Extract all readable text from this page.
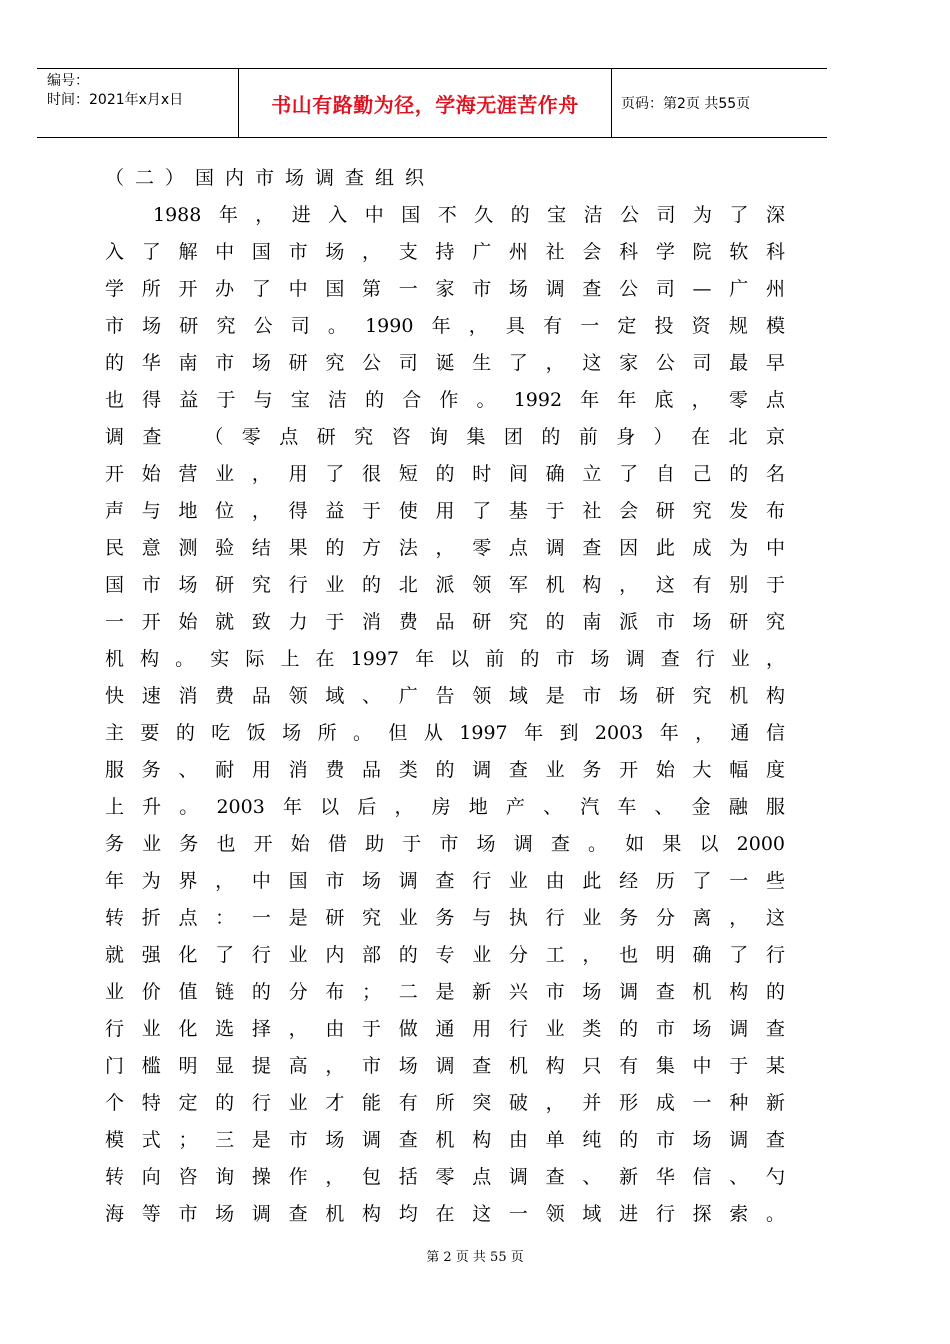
编号：
时间：2021年x月x日	书山有路勤为径，学海无涯苦作舟	页码：第2页 共55页
（二）国内市场调查组织
1988年，进入中国不久的宝洁公司为了深
入了解中国市场，支持广州社会科学院软科
学所开办了中国第一家市场调查公司—广州
市场研究公司。1990年，具有一定投资规模
的华南市场研究公司诞生了，这家公司最早
也得益于与宝洁的合作。1992年年底，零点
调查 （零点研究咨询集团的前身）在北京
开始营业，用了很短的时间确立了自己的名
声与地位，得益于使用了基于社会研究发布
民意测验结果的方法，零点调查因此成为中
国市场研究行业的北派领军机构，这有别于
一开始就致力于消费品研究的南派市场研究
机构。实际上在1997年以前的市场调查行业，
快速消费品领域、广告领域是市场研究机构
主要的吃饭场所。但从1997年到2003年，通信
服务、耐用消费品类的调查业务开始大幅度
上升。2003年以后，房地产、汽车、金融服
务业务也开始借助于市场调查。如果以2000
年为界，中国市场调查行业由此经历了一些
转折点：一是研究业务与执行业务分离，这
就强化了行业内部的专业分工，也明确了行
业价值链的分布；二是新兴市场调查机构的
行业化选择，由于做通用行业类的市场调查
门槛明显提高，市场调查机构只有集中于某
个特定的行业才能有所突破，并形成一种新
模式；三是市场调查机构由单纯的市场调查
转向咨询操作，包括零点调查、新华信、勺
海等市场调查机构均在这一领域进行探索。
第 2 页 共 55 页
